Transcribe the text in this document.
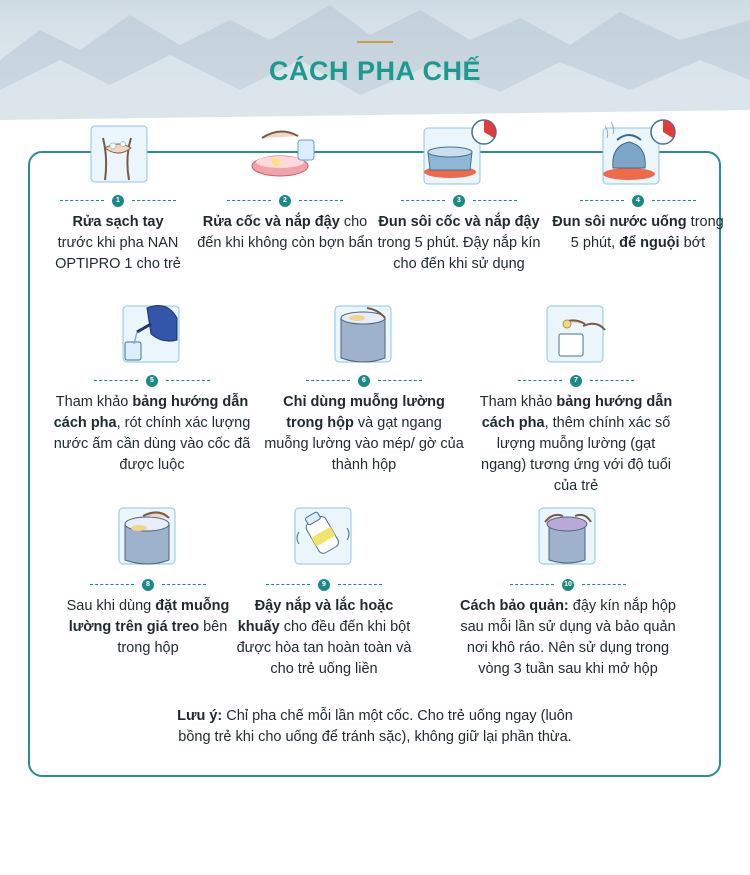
CÁCH PHA CHẾ
1
Rửa sạch tay
trước khi pha NAN OPTIPRO 1 cho trẻ
2
Rửa cốc và nắp đậy cho đến khi không còn bợn bẩn
3
Đun sôi cốc và nắp đậy trong 5 phút. Đậy nắp kín cho đến khi sử dụng
4
Đun sôi nước uống trong 5 phút, để nguội bớt
5
Tham khảo bảng hướng dẫn cách pha, rót chính xác lượng nước ấm cần dùng vào cốc đã được luộc
6
Chỉ dùng muỗng lường trong hộp và gạt ngang muỗng lường vào mép/ gờ của thành hộp
7
Tham khảo bảng hướng dẫn cách pha, thêm chính xác số lượng muỗng lường (gạt ngang) tương ứng với độ tuổi của trẻ
8
Sau khi dùng đặt muỗng lường trên giá treo bên trong hộp
9
Đậy nắp và lắc hoặc khuấy cho đều đến khi bột được hòa tan hoàn toàn và cho trẻ uống liền
10
Cách bảo quản: đậy kín nắp hộp sau mỗi lần sử dụng và bảo quản nơi khô ráo. Nên sử dụng trong vòng 3 tuần sau khi mở hộp
Lưu ý: Chỉ pha chế mỗi lần một cốc. Cho trẻ uống ngay (luôn bồng trẻ khi cho uống để tránh sặc), không giữ lại phần thừa.
